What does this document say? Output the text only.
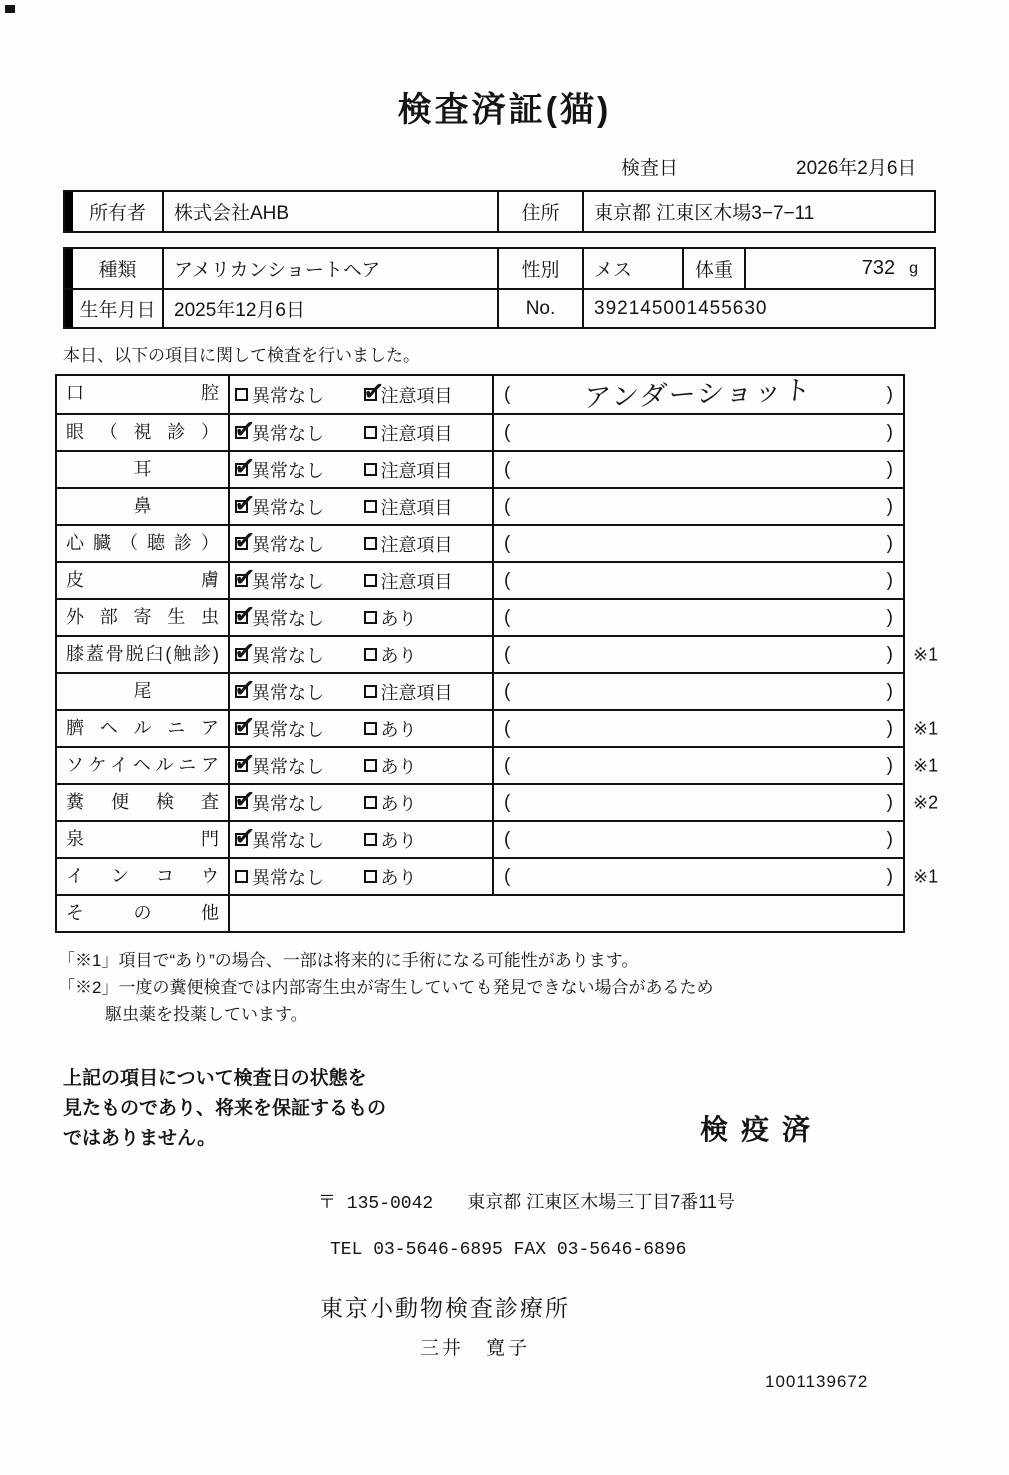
検査済証(猫)
検査日	2026年2月6日
所有者	株式会社AHB	住所	東京都 江東区木場3−7−11
種類	アメリカンショートヘア	性別	メス	体重	732 g
生年月日 2025年12月6日	No.	392145001455630
本日、以下の項目に関して検査を行いました。
口腔	異常なし ✓	注意項目	(	アンダーショット	)
眼（視診） ✓	異常なし	注意項目	(	)
耳 ✓	異常なし	注意項目	(	)
鼻 ✓	異常なし	注意項目	(	)
心臓（聴診） ✓	異常なし	注意項目	(	)
皮膚 ✓	異常なし	注意項目	(	)
外部寄生虫 ✓	異常なし	あり	(	)
膝蓋骨脱臼(触診) ✓	異常なし	あり	(	) ※1
尾 ✓	異常なし	注意項目	(	)
臍ヘルニア ✓	異常なし	あり	(	) ※1
ソケイヘルニア ✓	異常なし	あり	(	) ※1
糞便検査 ✓	異常なし	あり	(	) ※2
泉門 ✓	異常なし	あり	(	)
インコウ	異常なし	あり	(	) ※1
その他
「※1」項目で“あり”の場合、一部は将来的に手術になる可能性があります。
「※2」一度の糞便検査では内部寄生虫が寄生していても発見できない場合があるため
駆虫薬を投薬しています。
上記の項目について検査日の状態を
見たものであり、将来を保証するもの
ではありません。	検疫済
〒 135-0042 東京都 江東区木場三丁目7番11号
TEL 03-5646-6895 FAX 03-5646-6896
東京小動物検査診療所
三井　寛子
1001139672
